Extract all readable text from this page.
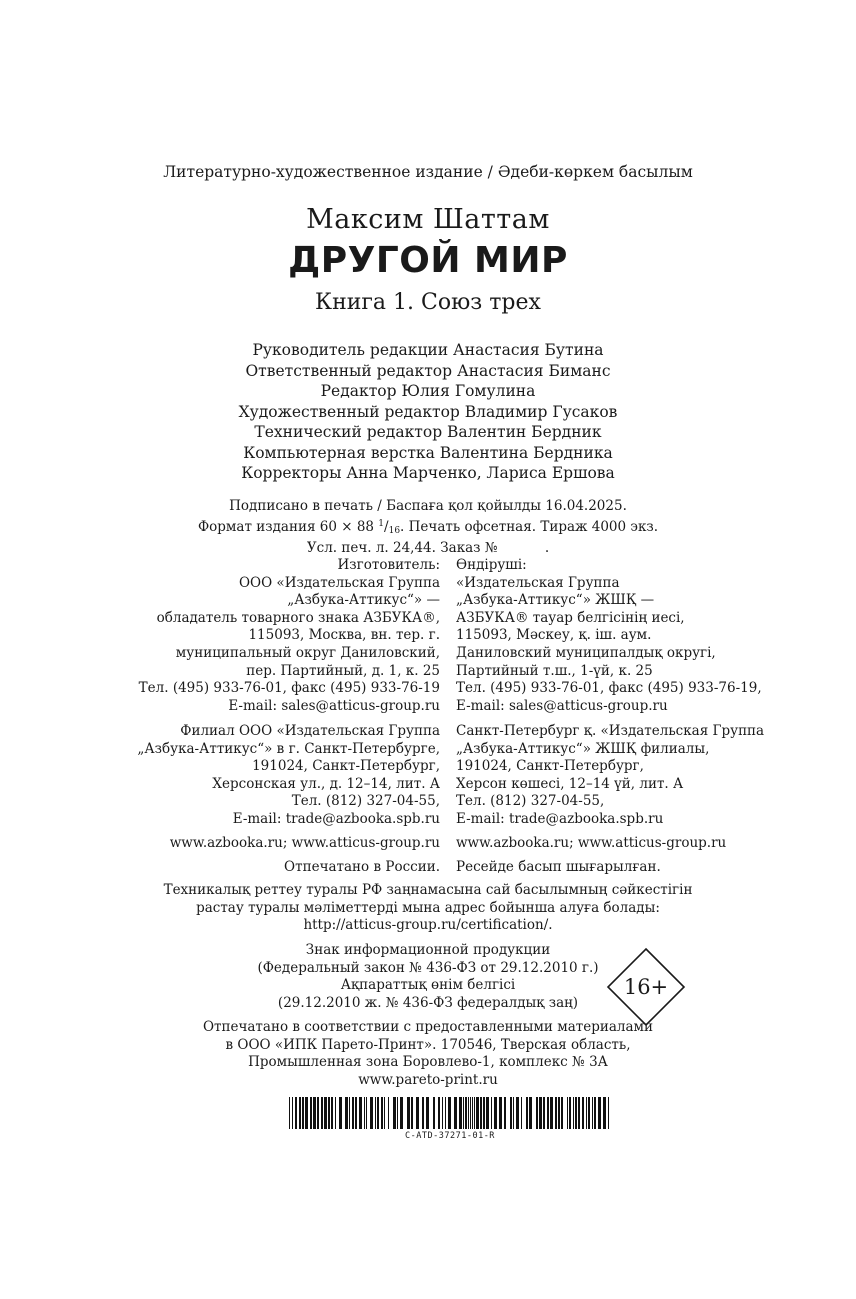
Литературно-художественное издание / Әдеби-көркем басылым
Максим Шаттам
ДРУГОЙ МИР
Книга 1. Союз трех
Руководитель редакции Анастасия Бутина
Ответственный редактор Анастасия Биманс
Редактор Юлия Гомулина
Художественный редактор Владимир Гусаков
Технический редактор Валентин Бердник
Компьютерная верстка Валентина Бердника
Корректоры Анна Марченко, Лариса Ершова
Подписано в печать / Баспаға қол қойылды 16.04.2025.
Формат издания 60 × 88 $^1/_{16}$. Печать офсетная. Тираж 4000 экз.
Усл. печ. л. 24,44. Заказ №           .
Изготовитель:
ООО «Издательская Группа
„Азбука-Аттикус“» —
обладатель товарного знака АЗБУКА®,
115093, Москва, вн. тер. г.
муниципальный округ Даниловский,
пер. Партийный, д. 1, к. 25
Тел. (495) 933-76-01, факс (495) 933-76-19
E-mail: sales@atticus-group.ru
Өндіруші:
«Издательская Группа
„Азбука-Аттикус“» ЖШҚ —
АЗБУКА® тауар белгісінің иесі,
115093, Мәскеу, қ. іш. аум.
Даниловский муниципалдық округі,
Партийный т.ш., 1-үй, к. 25
Тел. (495) 933-76-01, факс (495) 933-76-19,
E-mail: sales@atticus-group.ru
Филиал ООО «Издательская Группа
„Азбука-Аттикус“» в г. Санкт-Петербурге,
191024, Санкт-Петербург,
Херсонская ул., д. 12–14, лит. А
Тел. (812) 327-04-55,
E-mail: trade@azbooka.spb.ru
Санкт-Петербург қ. «Издательская Группа
„Азбука-Аттикус“» ЖШҚ филиалы,
191024, Санкт-Петербург,
Херсон көшесі, 12–14 үй, лит. А
Тел. (812) 327-04-55,
E-mail: trade@azbooka.spb.ru
www.azbooka.ru; www.atticus-group.ru www.azbooka.ru; www.atticus-group.ru
Отпечатано в России. Ресейде басып шығарылған.
Техникалық реттеу туралы РФ заңнамасына сай басылымның сәйкестігін
растау туралы мәліметтерді мына адрес бойынша алуға болады:
http://atticus-group.ru/certification/.
Знак информационной продукции
(Федеральный закон № 436-ФЗ от 29.12.2010 г.)
Ақпараттық өнім белгісі
(29.12.2010 ж. № 436-ФЗ федералдық заң)
16+
Отпечатано в соответствии с предоставленными материалами
в ООО «ИПК Парето-Принт». 170546, Тверская область,
Промышленная зона Боровлево-1, комплекс № 3А
www.pareto-print.ru
C-ATD-37271-01-R
